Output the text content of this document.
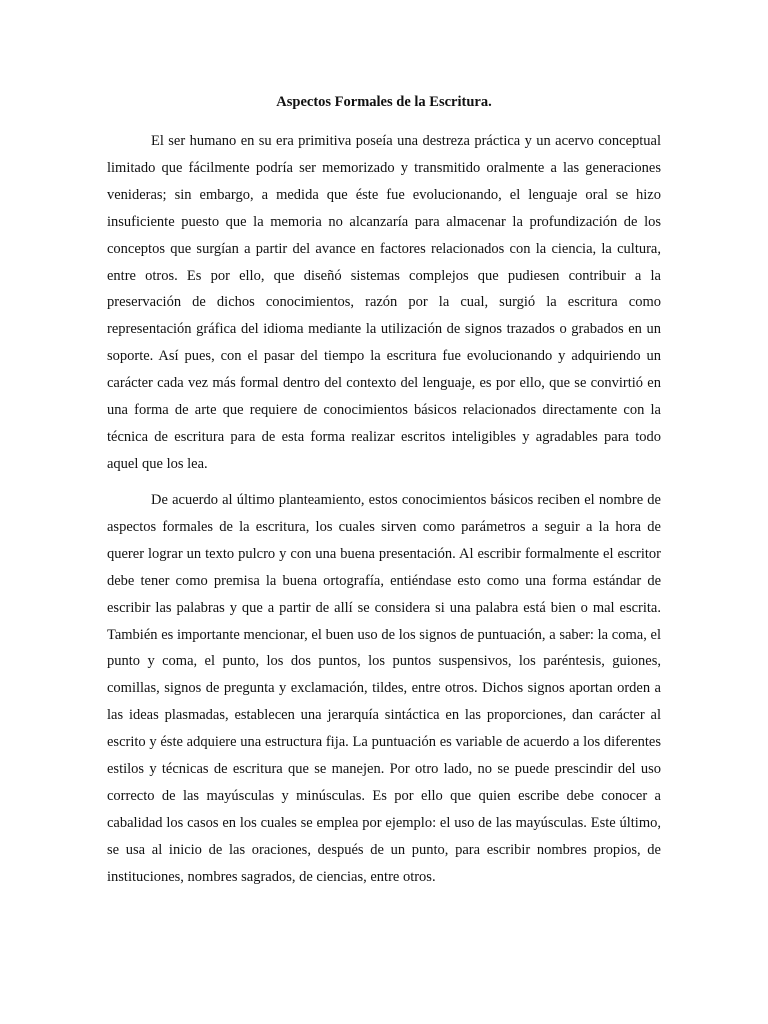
Aspectos Formales de la Escritura.

El ser humano en su era primitiva poseía una destreza práctica y un acervo conceptual limitado que fácilmente podría ser memorizado y transmitido oralmente a las generaciones venideras; sin embargo, a medida que éste fue evolucionando, el lenguaje oral se hizo insuficiente puesto que la memoria no alcanzaría para almacenar la profundización de los conceptos que surgían a partir del avance en factores relacionados con la ciencia, la cultura, entre otros. Es por ello, que diseñó sistemas complejos que pudiesen contribuir a la preservación de dichos conocimientos, razón por la cual, surgió la escritura como representación gráfica del idioma mediante la utilización de signos trazados o grabados en un soporte. Así pues, con el pasar del tiempo la escritura fue evolucionando y adquiriendo un carácter cada vez más formal dentro del contexto del lenguaje, es por ello, que se convirtió en una forma de arte que requiere de conocimientos básicos relacionados directamente con la técnica de escritura para de esta forma realizar escritos inteligibles y agradables para todo aquel que los lea.

De acuerdo al último planteamiento, estos conocimientos básicos reciben el nombre de aspectos formales de la escritura, los cuales sirven como parámetros a seguir a la hora de querer lograr un texto pulcro y con una buena presentación. Al escribir formalmente el escritor debe tener como premisa la buena ortografía, entiéndase esto como una forma estándar de escribir las palabras y que a partir de allí se considera si una palabra está bien o mal escrita. También es importante mencionar, el buen uso de los signos de puntuación, a saber: la coma, el punto y coma, el punto, los dos puntos, los puntos suspensivos, los paréntesis, guiones, comillas, signos de pregunta y exclamación, tildes, entre otros. Dichos signos aportan orden a las ideas plasmadas, establecen una jerarquía sintáctica en las proporciones, dan carácter al escrito y éste adquiere una estructura fija. La puntuación es variable de acuerdo a los diferentes estilos y técnicas de escritura que se manejen. Por otro lado, no se puede prescindir del uso correcto de las mayúsculas y minúsculas. Es por ello que quien escribe debe conocer a cabalidad los casos en los cuales se emplea por ejemplo: el uso de las mayúsculas. Este último, se usa al inicio de las oraciones, después de un punto, para escribir nombres propios, de instituciones, nombres sagrados, de ciencias, entre otros.
